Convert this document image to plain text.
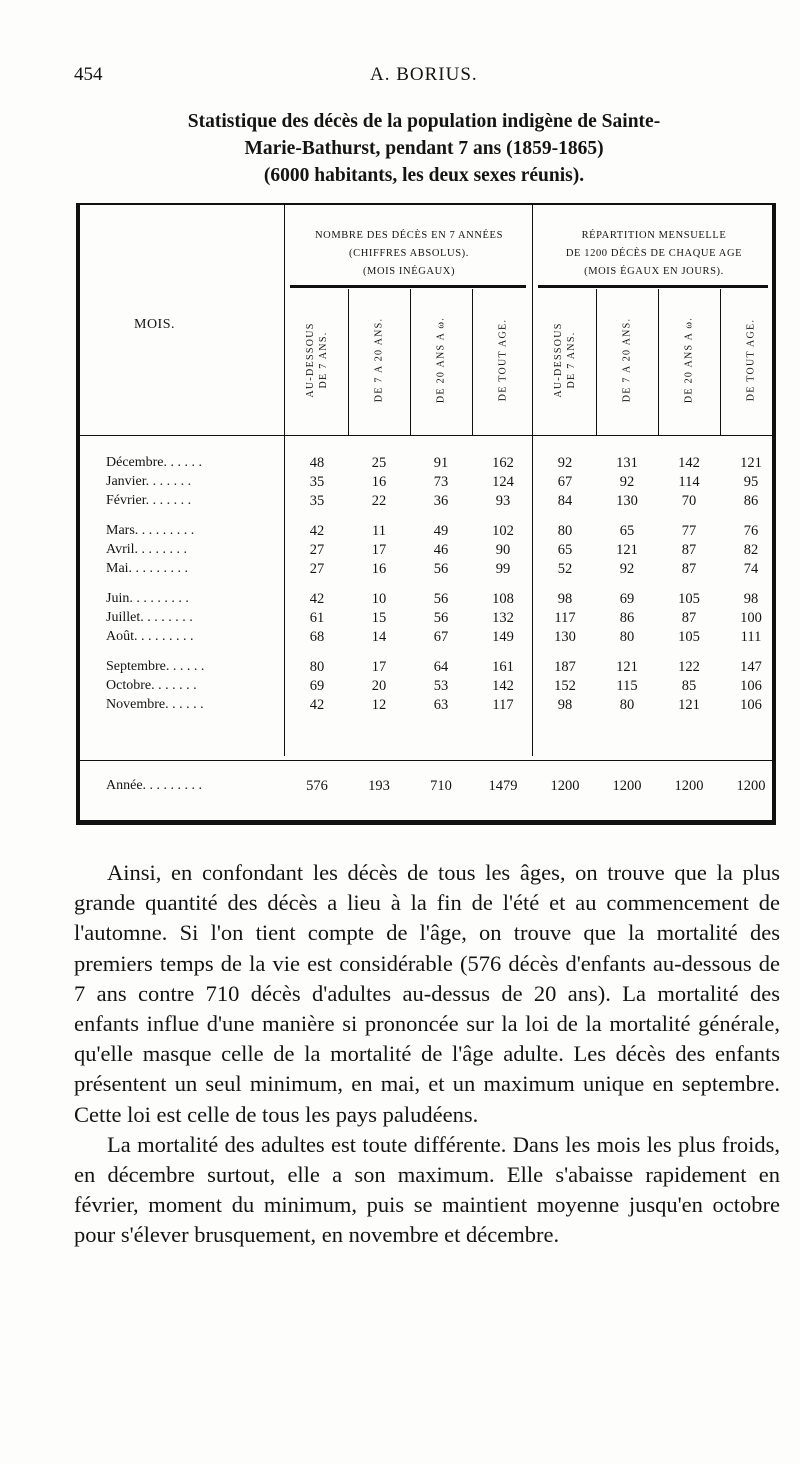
454	A. BORIUS.
Statistique des décès de la population indigène de Sainte-
Marie-Bathurst, pendant 7 ans (1859-1865)
(6000 habitants, les deux sexes réunis).
MOIS.
NOMBRE DES DÉCÈS EN 7 ANNÉES
(CHIFFRES ABSOLUS).
(MOIS INÉGAUX)
RÉPARTITION MENSUELLE
DE 1200 DÉCÈS DE CHAQUE AGE
(MOIS ÉGAUX EN JOURS).
AU-DESSOUS DE 7 ANS.	DE 7 A 20 ANS.	DE 20 ANS A ω.	DE TOUT AGE.	AU-DESSOUS DE 7 ANS.	DE 7 A 20 ANS.	DE 20 ANS A ω.	DE TOUT AGE.
Décembre. . . . . .	48	25	91	162	92	131	142	121
Janvier. . . . . . .	35	16	73	124	67	92	114	95
Février. . . . . . .	35	22	36	93	84	130	70	86
Mars. . . . . . . . .	42	11	49	102	80	65	77	76
Avril. . . . . . . .	27	17	46	90	65	121	87	82
Mai. . . . . . . . .	27	16	56	99	52	92	87	74
Juin. . . . . . . . .	42	10	56	108	98	69	105	98
Juillet. . . . . . . .	61	15	56	132	117	86	87	100
Août. . . . . . . . .	68	14	67	149	130	80	105	111
Septembre. . . . . .	80	17	64	161	187	121	122	147
Octobre. . . . . . .	69	20	53	142	152	115	85	106
Novembre. . . . . .	42	12	63	117	98	80	121	106
Année. . . . . . . . .	576	193	710	1479	1200	1200	1200	1200

Ainsi, en confondant les décès de tous les âges, on trouve que la plus grande quantité des décès a lieu à la fin de l'été et au commencement de l'automne. Si l'on tient compte de l'âge, on trouve que la mortalité des premiers temps de la vie est considérable (576 décès d'enfants au-dessous de 7 ans contre 710 décès d'adultes au-dessus de 20 ans). La mortalité des enfants influe d'une manière si prononcée sur la loi de la mortalité générale, qu'elle masque celle de la mortalité de l'âge adulte. Les décès des enfants présentent un seul minimum, en mai, et un maximum unique en septembre. Cette loi est celle de tous les pays paludéens.

La mortalité des adultes est toute différente. Dans les mois les plus froids, en décembre surtout, elle a son maximum. Elle s'abaisse rapidement en février, moment du minimum, puis se maintient moyenne jusqu'en octobre pour s'élever brusquement, en novembre et décembre.
